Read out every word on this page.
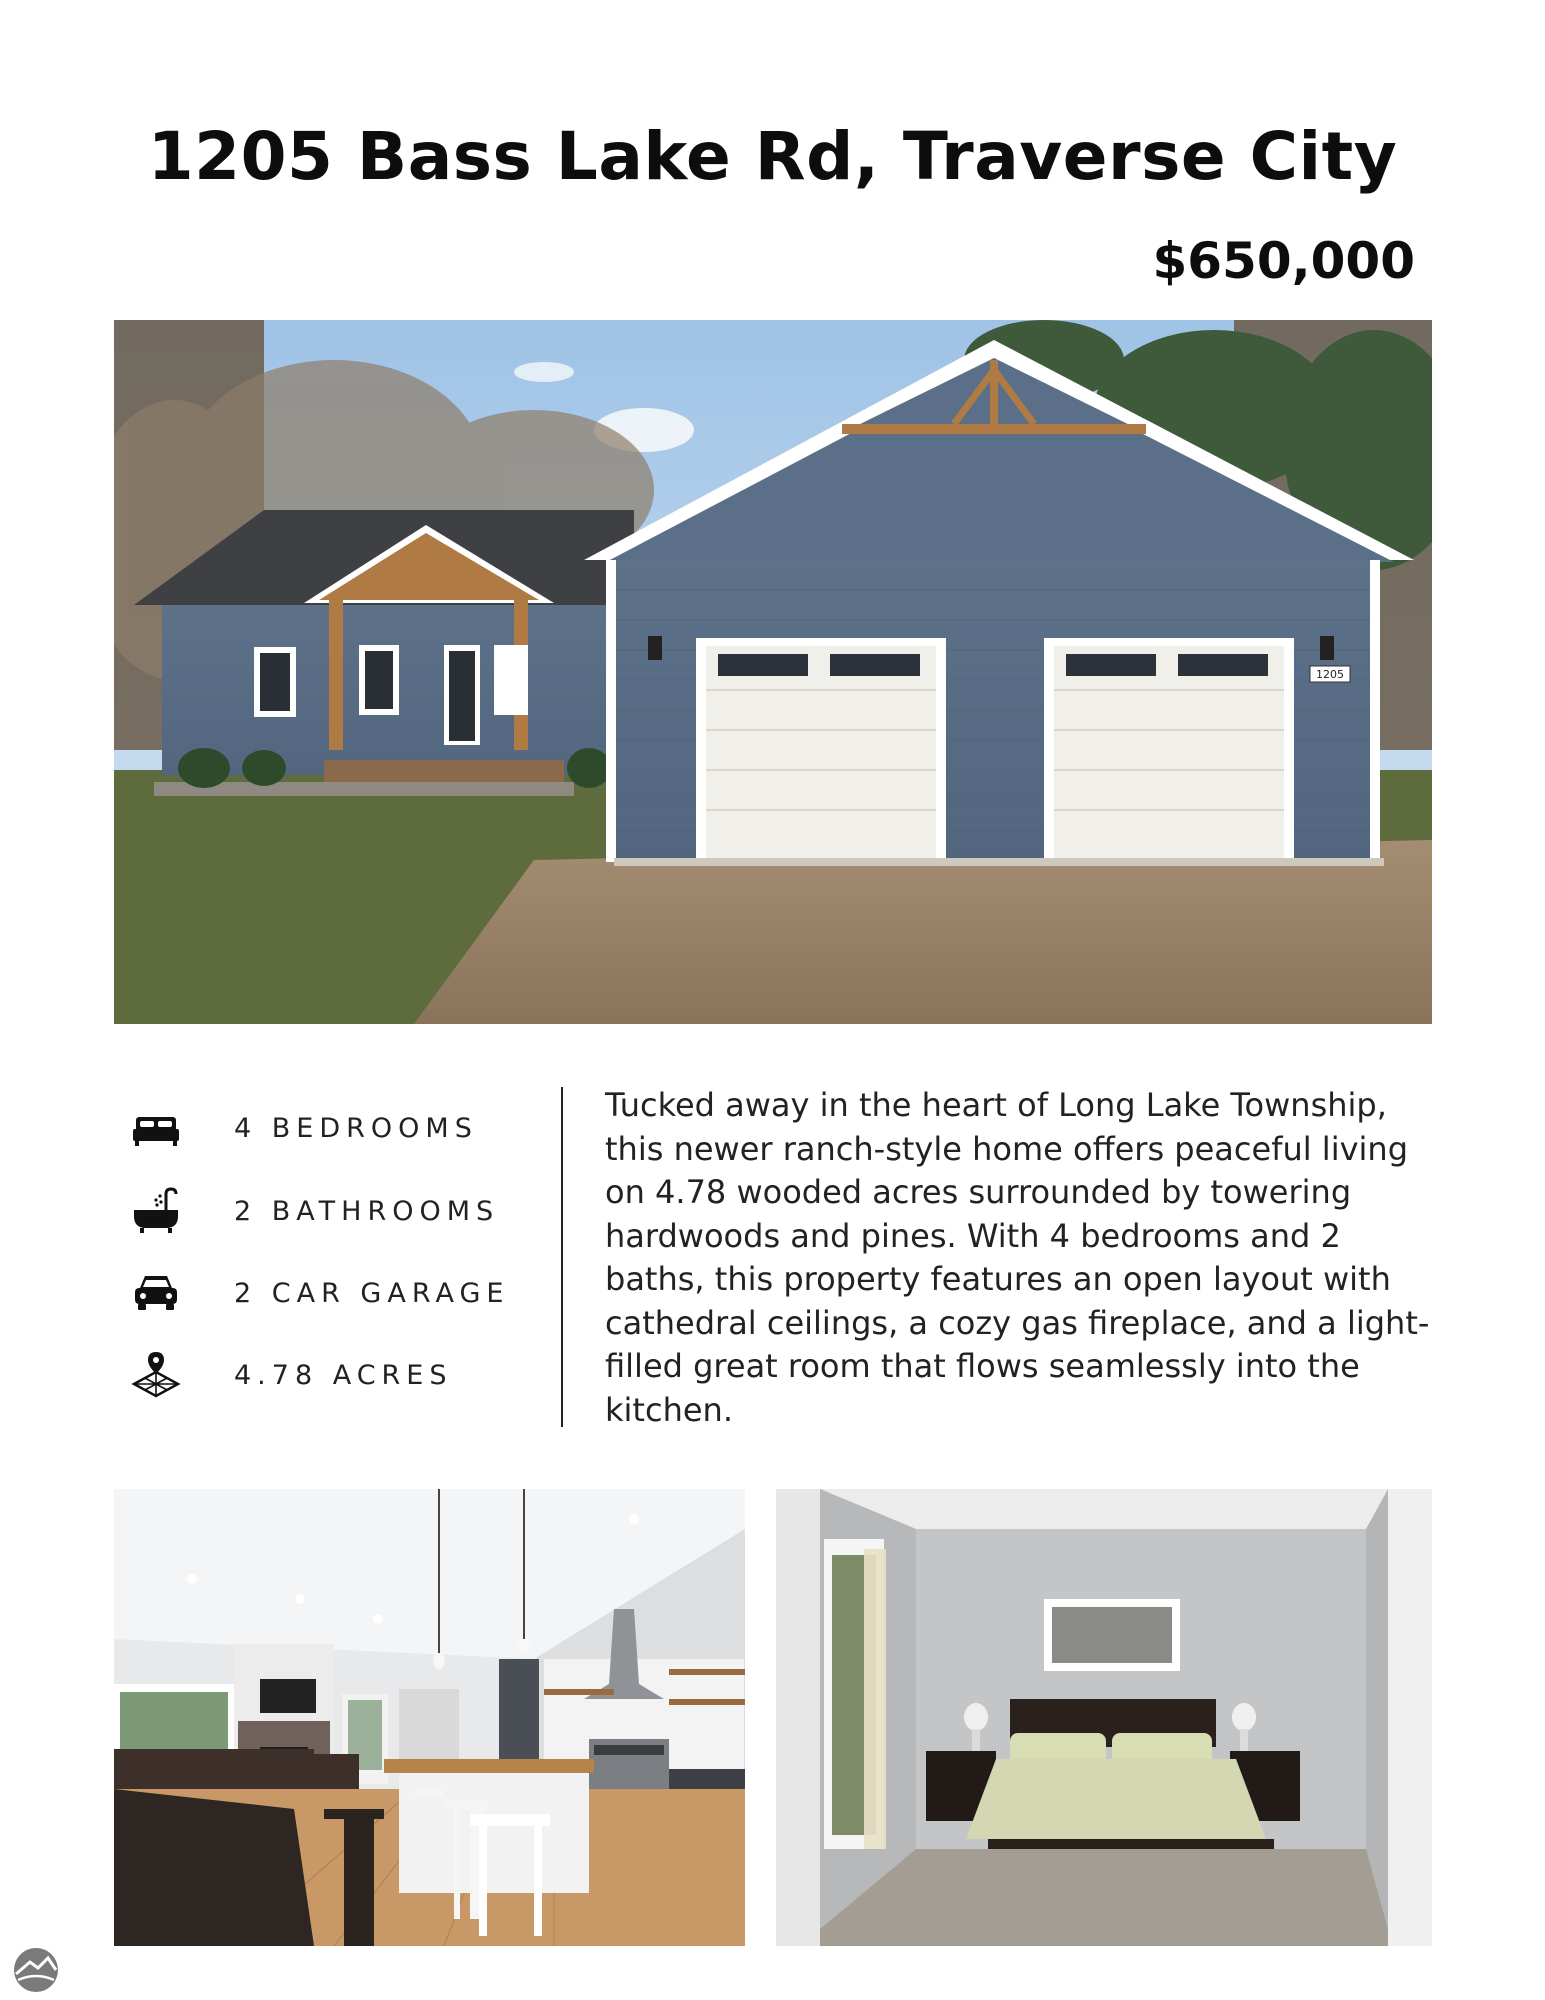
1205 Bass Lake Rd, Traverse City
$650,000
1205
4 BEDROOMS
2 BATHROOMS
2 CAR GARAGE
4.78 ACRES
Tucked away in the heart of Long Lake Township, this newer ranch-style home offers peaceful living on 4.78 wooded acres surrounded by towering hardwoods and pines. With 4 bedrooms and 2 baths, this property features an open layout with cathedral ceilings, a cozy gas fireplace, and a light-filled great room that flows seamlessly into the kitchen.
